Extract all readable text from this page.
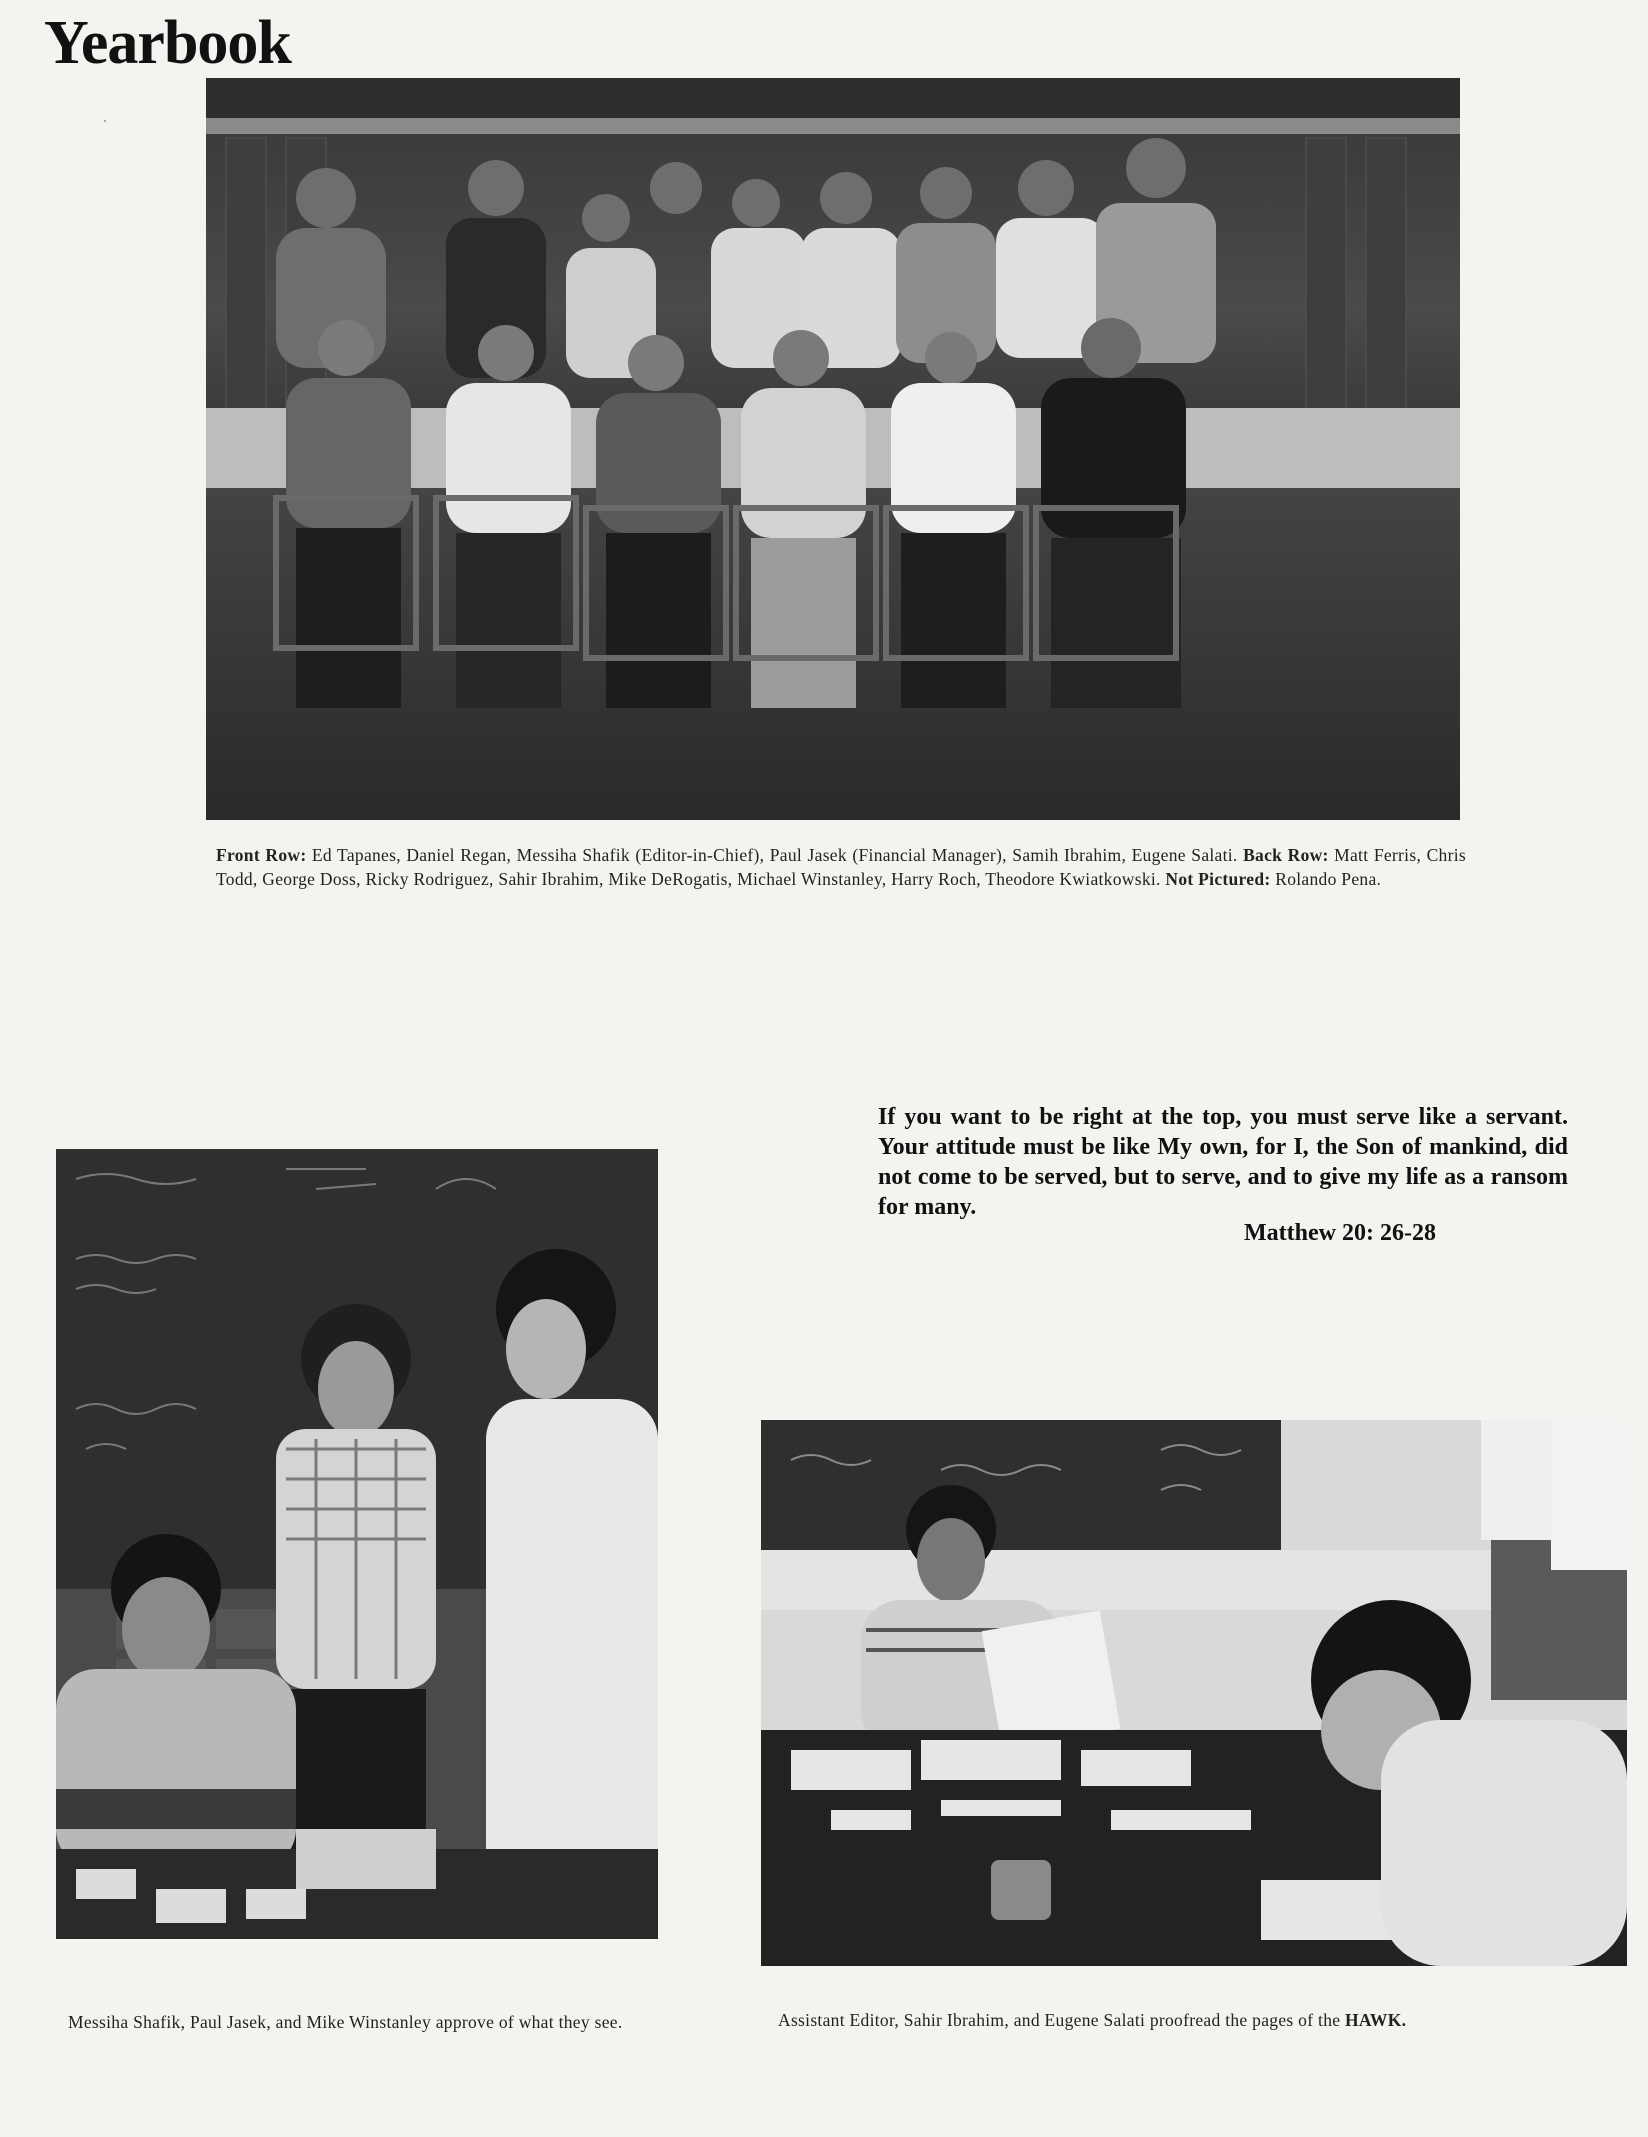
Yearbook
Front Row: Ed Tapanes, Daniel Regan, Messiha Shafik (Editor-in-Chief), Paul Jasek (Financial Manager), Samih Ibrahim, Eugene Salati. Back Row: Matt Ferris, Chris Todd, George Doss, Ricky Rodriguez, Sahir Ibrahim, Mike DeRogatis, Michael Winstanley, Harry Roch, Theodore Kwiatkowski. Not Pictured: Rolando Pena.
If you want to be right at the top, you must serve like a servant. Your attitude must be like My own, for I, the Son of mankind, did not come to be served, but to serve, and to give my life as a ransom for many.
Matthew 20: 26-28
Messiha Shafik, Paul Jasek, and Mike Winstanley approve of what they see.	Assistant Editor, Sahir Ibrahim, and Eugene Salati proofread the pages of the HAWK.
